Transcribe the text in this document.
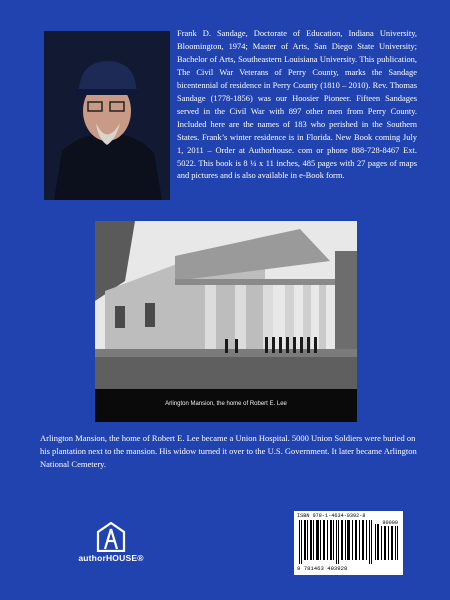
Frank D. Sandage, Doctorate of Education, Indiana University, Bloomington, 1974; Master of Arts, San Diego State University; Bachelor of Arts, Southeastern Louisiana University. This publication, The Civil War Veterans of Perry County, marks the Sandage bicentennial of residence in Perry County (1810 – 2010). Rev. Thomas Sandage (1778-1856) was our Hoosier Pioneer. Fifteen Sandages served in the Civil War with 897 other men from Perry County. Included here are the names of 183 who perished in the Southern States. Frank’s winter residence is in Florida. New Book coming July 1, 2011 – Order at Authorhouse. com or phone 888-728-8467 Ext. 5022. This book is 8 ¼ x 11 inches, 485 pages with 27 pages of maps and pictures and is also available in e-Book form.

Arlington Mansion, the home of Robert E. Lee

Arlington Mansion, the home of Robert E. Lee became a Union Hospital. 5000 Union Soldiers were buried on his plantation next to the mansion. His widow turned it over to the U.S. Government. It later became Arlington National Cemetery.

authorHOUSE®

ISBN 978-1-4634-0392-8

9 781463 403928

90000
